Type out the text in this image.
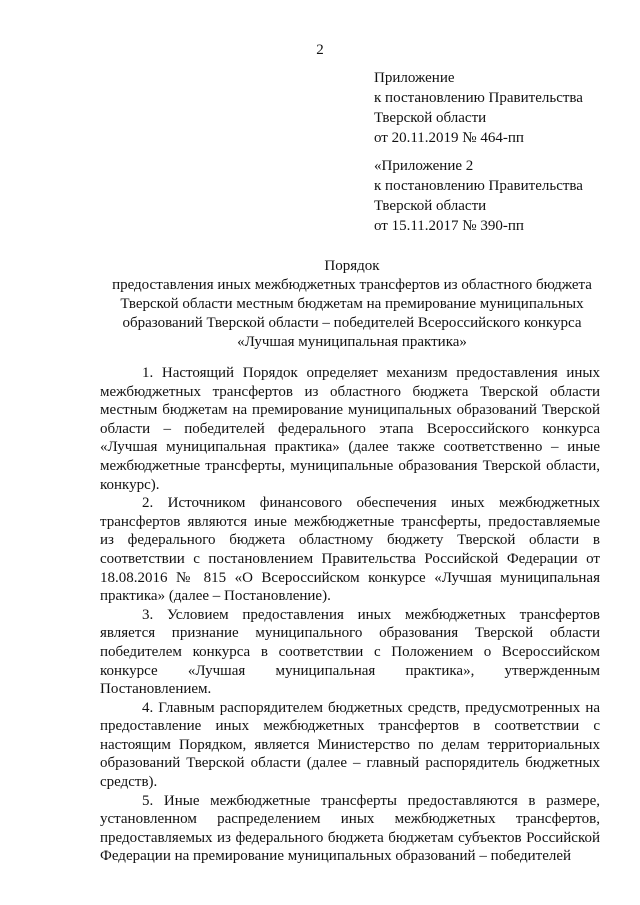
2
Приложение
к постановлению Правительства
Тверской области
от 20.11.2019 № 464-пп
«Приложение 2
к постановлению Правительства
Тверской области
от 15.11.2017 № 390-пп
Порядок
предоставления иных межбюджетных трансфертов из областного бюджета
Тверской области местным бюджетам на премирование муниципальных
образований Тверской области – победителей Всероссийского конкурса
«Лучшая муниципальная практика»

1. Настоящий Порядок определяет механизм предоставления иных межбюджетных трансфертов из областного бюджета Тверской области местным бюджетам на премирование муниципальных образований Тверской области – победителей федерального этапа Всероссийского конкурса «Лучшая муниципальная практика» (далее также соответственно – иные межбюджетные трансферты, муниципальные образования Тверской области, конкурс).

2. Источником финансового обеспечения иных межбюджетных трансфертов являются иные межбюджетные трансферты, предоставляемые из федерального бюджета областному бюджету Тверской области в соответствии с постановлением Правительства Российской Федерации от 18.08.2016 № 815 «О Всероссийском конкурсе «Лучшая муниципальная практика» (далее – Постановление).

3. Условием предоставления иных межбюджетных трансфертов является признание муниципального образования Тверской области победителем конкурса в соответствии с Положением о Всероссийском конкурсе «Лучшая муниципальная практика», утвержденным Постановлением.

4. Главным распорядителем бюджетных средств, предусмотренных на предоставление иных межбюджетных трансфертов в соответствии с настоящим Порядком, является Министерство по делам территориальных образований Тверской области (далее – главный распорядитель бюджетных средств).

5. Иные межбюджетные трансферты предоставляются в размере, установленном распределением иных межбюджетных трансфертов, предоставляемых из федерального бюджета бюджетам субъектов Российской Федерации на премирование муниципальных образований – победителей
